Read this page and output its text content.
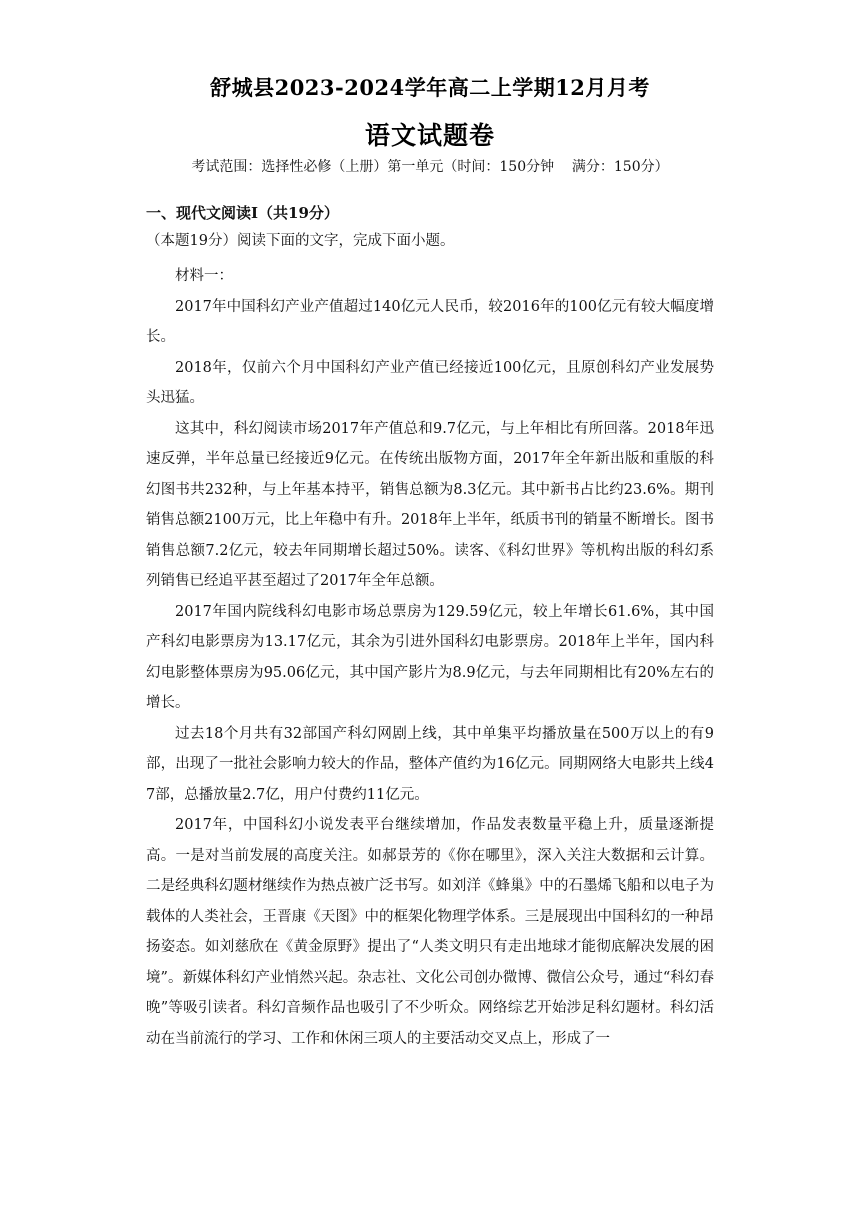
舒城县2023-2024学年高二上学期12月月考
语文试题卷
考试范围：选择性必修（上册）第一单元（时间：150分钟    满分：150分）
一、现代文阅读Ⅰ（共19分）
（本题19分）阅读下面的文字，完成下面小题。

材料一：

2017年中国科幻产业产值超过140亿元人民币，较2016年的100亿元有较大幅度增长。

2018年，仅前六个月中国科幻产业产值已经接近100亿元，且原创科幻产业发展势头迅猛。

这其中，科幻阅读市场2017年产值总和9.7亿元，与上年相比有所回落。2018年迅速反弹，半年总量已经接近9亿元。在传统出版物方面，2017年全年新出版和重版的科幻图书共232种，与上年基本持平，销售总额为8.3亿元。其中新书占比约23.6%。期刊销售总额2100万元，比上年稳中有升。2018年上半年，纸质书刊的销量不断增长。图书销售总额7.2亿元，较去年同期增长超过50%。读客、《科幻世界》等机构出版的科幻系列销售已经追平甚至超过了2017年全年总额。

2017年国内院线科幻电影市场总票房为129.59亿元，较上年增长61.6%，其中国产科幻电影票房为13.17亿元，其余为引进外国科幻电影票房。2018年上半年，国内科幻电影整体票房为95.06亿元，其中国产影片为8.9亿元，与去年同期相比有20%左右的增长。

过去18个月共有32部国产科幻网剧上线，其中单集平均播放量在500万以上的有9部，出现了一批社会影响力较大的作品，整体产值约为16亿元。同期网络大电影共上线47部，总播放量2.7亿，用户付费约11亿元。

2017年，中国科幻小说发表平台继续增加，作品发表数量平稳上升，质量逐渐提高。一是对当前发展的高度关注。如郝景芳的《你在哪里》，深入关注大数据和云计算。二是经典科幻题材继续作为热点被广泛书写。如刘洋《蜂巢》中的石墨烯飞船和以电子为载体的人类社会，王晋康《天图》中的框架化物理学体系。三是展现出中国科幻的一种昂扬姿态。如刘慈欣在《黄金原野》提出了“人类文明只有走出地球才能彻底解决发展的困境”。新媒体科幻产业悄然兴起。杂志社、文化公司创办微博、微信公众号，通过“科幻春晚”等吸引读者。科幻音频作品也吸引了不少听众。网络综艺开始涉足科幻题材。科幻活动在当前流行的学习、工作和休闲三项人的主要活动交叉点上，形成了一
